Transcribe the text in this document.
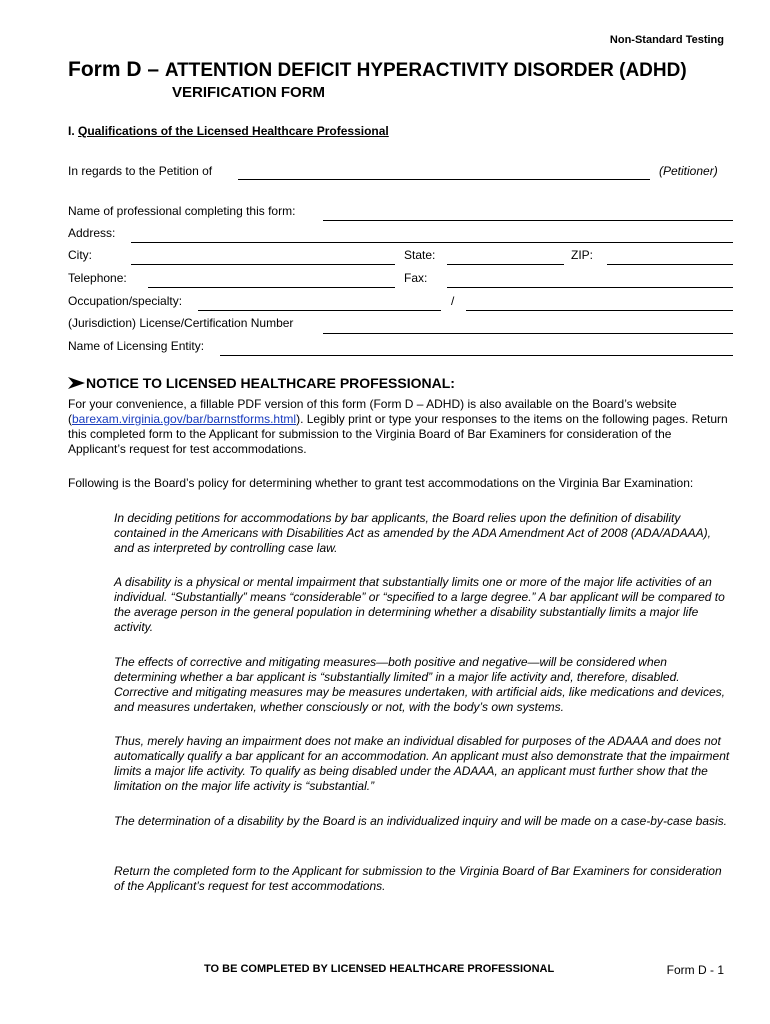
Non-Standard Testing
Form D – ATTENTION DEFICIT HYPERACTIVITY DISORDER (ADHD)
VERIFICATION FORM
I. Qualifications of the Licensed Healthcare Professional
In regards to the Petition of	(Petitioner)
Name of professional completing this form:
Address:
City:	State:	ZIP:
Telephone:	Fax:
Occupation/specialty:	/
(Jurisdiction) License/Certification Number
Name of Licensing Entity:
NOTICE TO LICENSED HEALTHCARE PROFESSIONAL:
For your convenience, a fillable PDF version of this form (Form D – ADHD) is also available on the Board’s website (barexam.virginia.gov/bar/barnstforms.html). Legibly print or type your responses to the items on the following pages. Return this completed form to the Applicant for submission to the Virginia Board of Bar Examiners for consideration of the Applicant’s request for test accommodations.
Following is the Board’s policy for determining whether to grant test accommodations on the Virginia Bar Examination:

In deciding petitions for accommodations by bar applicants, the Board relies upon the definition of disability contained in the Americans with Disabilities Act as amended by the ADA Amendment Act of 2008 (ADA/ADAAA), and as interpreted by controlling case law.

A disability is a physical or mental impairment that substantially limits one or more of the major life activities of an individual. “Substantially” means “considerable” or “specified to a large degree.” A bar applicant will be compared to the average person in the general population in determining whether a disability substantially limits a major life activity.

The effects of corrective and mitigating measures—both positive and negative—will be considered when determining whether a bar applicant is “substantially limited” in a major life activity and, therefore, disabled. Corrective and mitigating measures may be measures undertaken, with artificial aids, like medications and devices, and measures undertaken, whether consciously or not, with the body’s own systems.

Thus, merely having an impairment does not make an individual disabled for purposes of the ADAAA and does not automatically qualify a bar applicant for an accommodation. An applicant must also demonstrate that the impairment limits a major life activity. To qualify as being disabled under the ADAAA, an applicant must further show that the limitation on the major life activity is “substantial.”

The determination of a disability by the Board is an individualized inquiry and will be made on a case-by-case basis.

Return the completed form to the Applicant for submission to the Virginia Board of Bar Examiners for consideration of the Applicant’s request for test accommodations.

TO BE COMPLETED BY LICENSED HEALTHCARE PROFESSIONAL	Form D - 1
